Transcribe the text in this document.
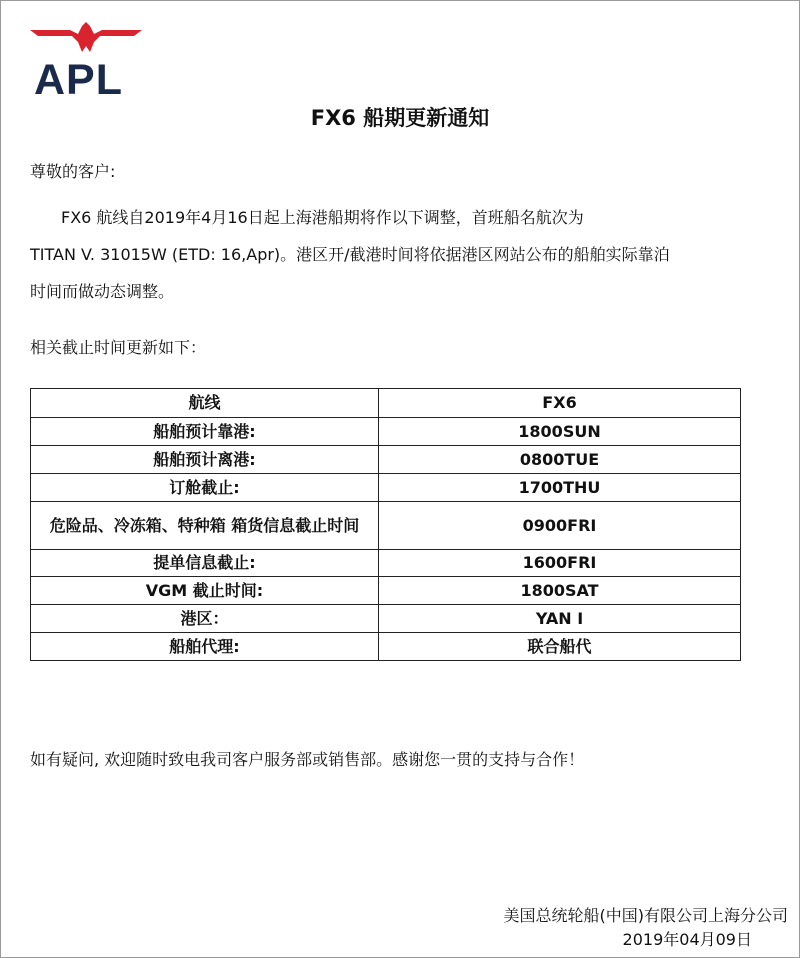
APL
FX6 船期更新通知
尊敬的客户:
FX6 航线自2019年4月16日起上海港船期将作以下调整，首班船名航次为
TITAN V. 31015W (ETD: 16,Apr)。港区开/截港时间将依据港区网站公布的船舶实际靠泊
时间而做动态调整。
相关截止时间更新如下：
航线	FX6
船舶预计靠港:	1800SUN
船舶预计离港:	0800TUE
订舱截止:	1700THU
危险品、冷冻箱、特种箱 箱货信息截止时间	0900FRI
提单信息截止:	1600FRI
VGM 截止时间:	1800SAT
港区：	YAN I
船舶代理:	联合船代
如有疑问, 欢迎随时致电我司客户服务部或销售部。感谢您一贯的支持与合作！
美国总统轮船(中国)有限公司上海分公司
2019年04月09日
